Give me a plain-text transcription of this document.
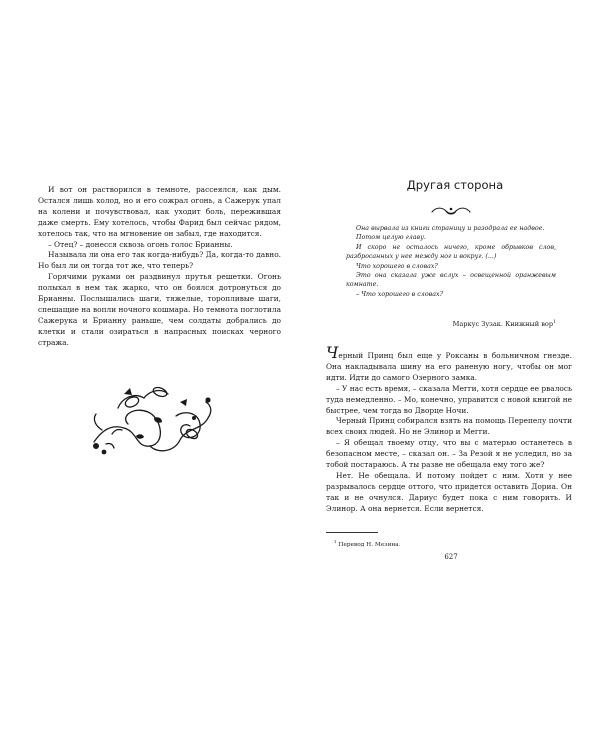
И вот он растворился в темноте, рассеялся, как дым. Остался лишь холод, но и его сожрал огонь, а Сажерук упал на колени и почувствовал, как уходит боль, пережившая даже смерть. Ему хотелось, чтобы Фарид был сейчас рядом, хотелось так, что на мгновение он забыл, где находится.

– Отец? – донесся сквозь огонь голос Брианны.

Называла ли она его так когда-нибудь? Да, когда-то давно. Но был ли он тогда тот же, что теперь?

Горячими руками он раздвинул прутья решетки. Огонь полыхал в нем так жарко, что он боялся дотронуться до Брианны. Послышались шаги, тяжелые, торопливые шаги, спешащие на вопли ночного кошмара. Но темнота поглотила Сажерука и Брианну раньше, чем солдаты добрались до клетки и стали озираться в напрасных поисках черного стража.

Другая сторона

Она вырвала из книги страницу и разодрала ее надвое.

Потом целую главу.

И скоро не осталось ничего, кроме обрывков слов, разбросанных у нее между ног и вокруг. (...)

Что хорошего в словах?

Это она сказала уже вслух – освещенной оранжевым комнате.

– Что хорошего в словах?

Маркус Зузак. Книжный вор$^1$

Черный Принц был еще у Роксаны в больничном гнезде. Она накладывала шину на его раненую ногу, чтобы он мог идти. Идти до самого Озерного замка.

– У нас есть время, – сказала Мегги, хотя сердце ее рвалось туда немедленно. – Мо, конечно, управится с новой книгой не быстрее, чем тогда во Дворце Ночи.

Черный Принц собирался взять на помощь Перепелу почти всех своих людей. Но не Элинор и Мегги.

– Я обещал твоему отцу, что вы с матерью останетесь в безопасном месте, – сказал он. – За Резой я не уследил, но за тобой постараюсь. А ты разве не обещала ему того же?

Нет. Не обещала. И потому пойдет с ним. Хотя у нее разрывалось сердце оттого, что придется оставить Дориа. Он так и не очнулся. Дариус будет пока с ним говорить. И Элинор. А она вернется. Если вернется.

$^1$ Перевод Н. Мезина.
627
